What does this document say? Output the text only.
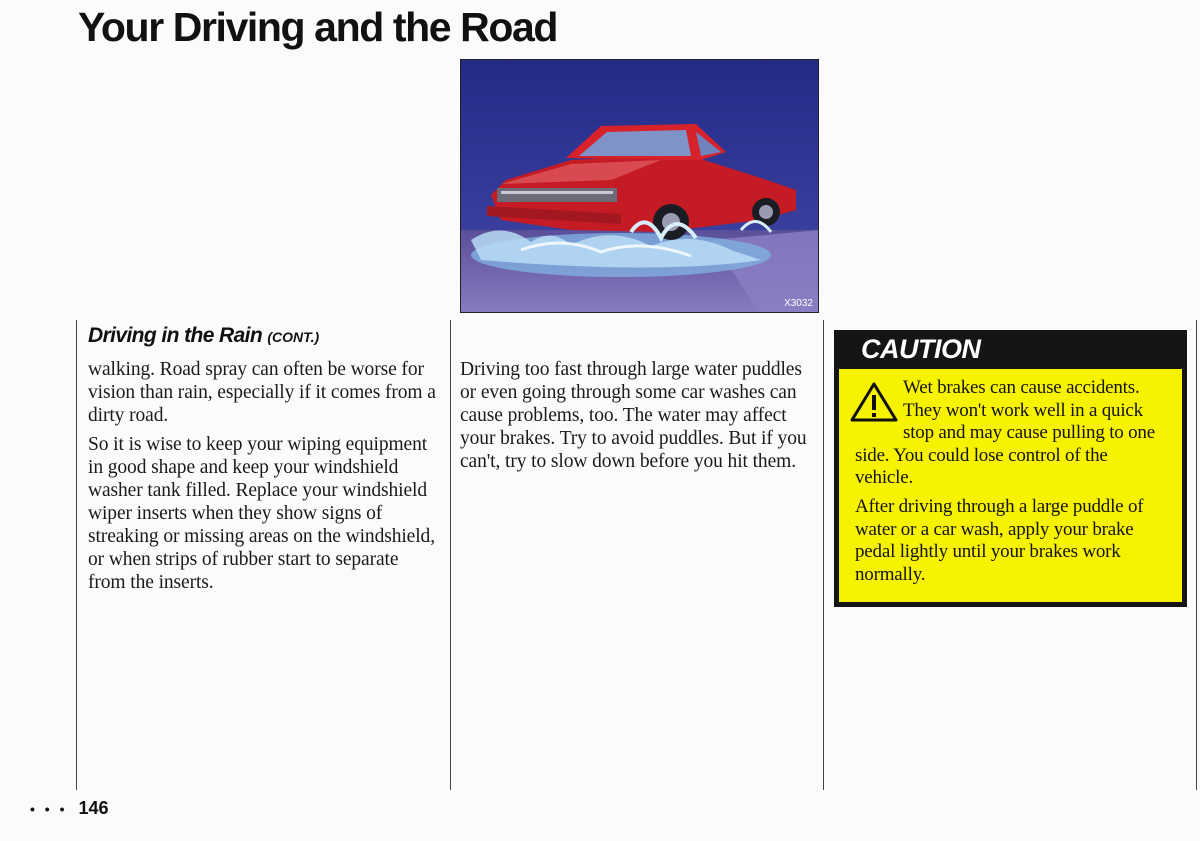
Your Driving and the Road
X3032
Driving in the Rain (CONT.)

walking. Road spray can often be worse for vision than rain, especially if it comes from a dirty road.

So it is wise to keep your wiping equipment in good shape and keep your windshield washer tank filled. Replace your windshield wiper inserts when they show signs of streaking or missing areas on the windshield, or when strips of rubber start to separate from the inserts.

Driving too fast through large water puddles or even going through some car washes can cause problems, too. The water may affect your brakes. Try to avoid puddles. But if you can't, try to slow down before you hit them.

CAUTION

Wet brakes can cause accidents. They won't work well in a quick stop and may cause pulling to one side. You could lose control of the vehicle.

After driving through a large puddle of water or a car wash, apply your brake pedal lightly until your brakes work normally.

• • • 146
